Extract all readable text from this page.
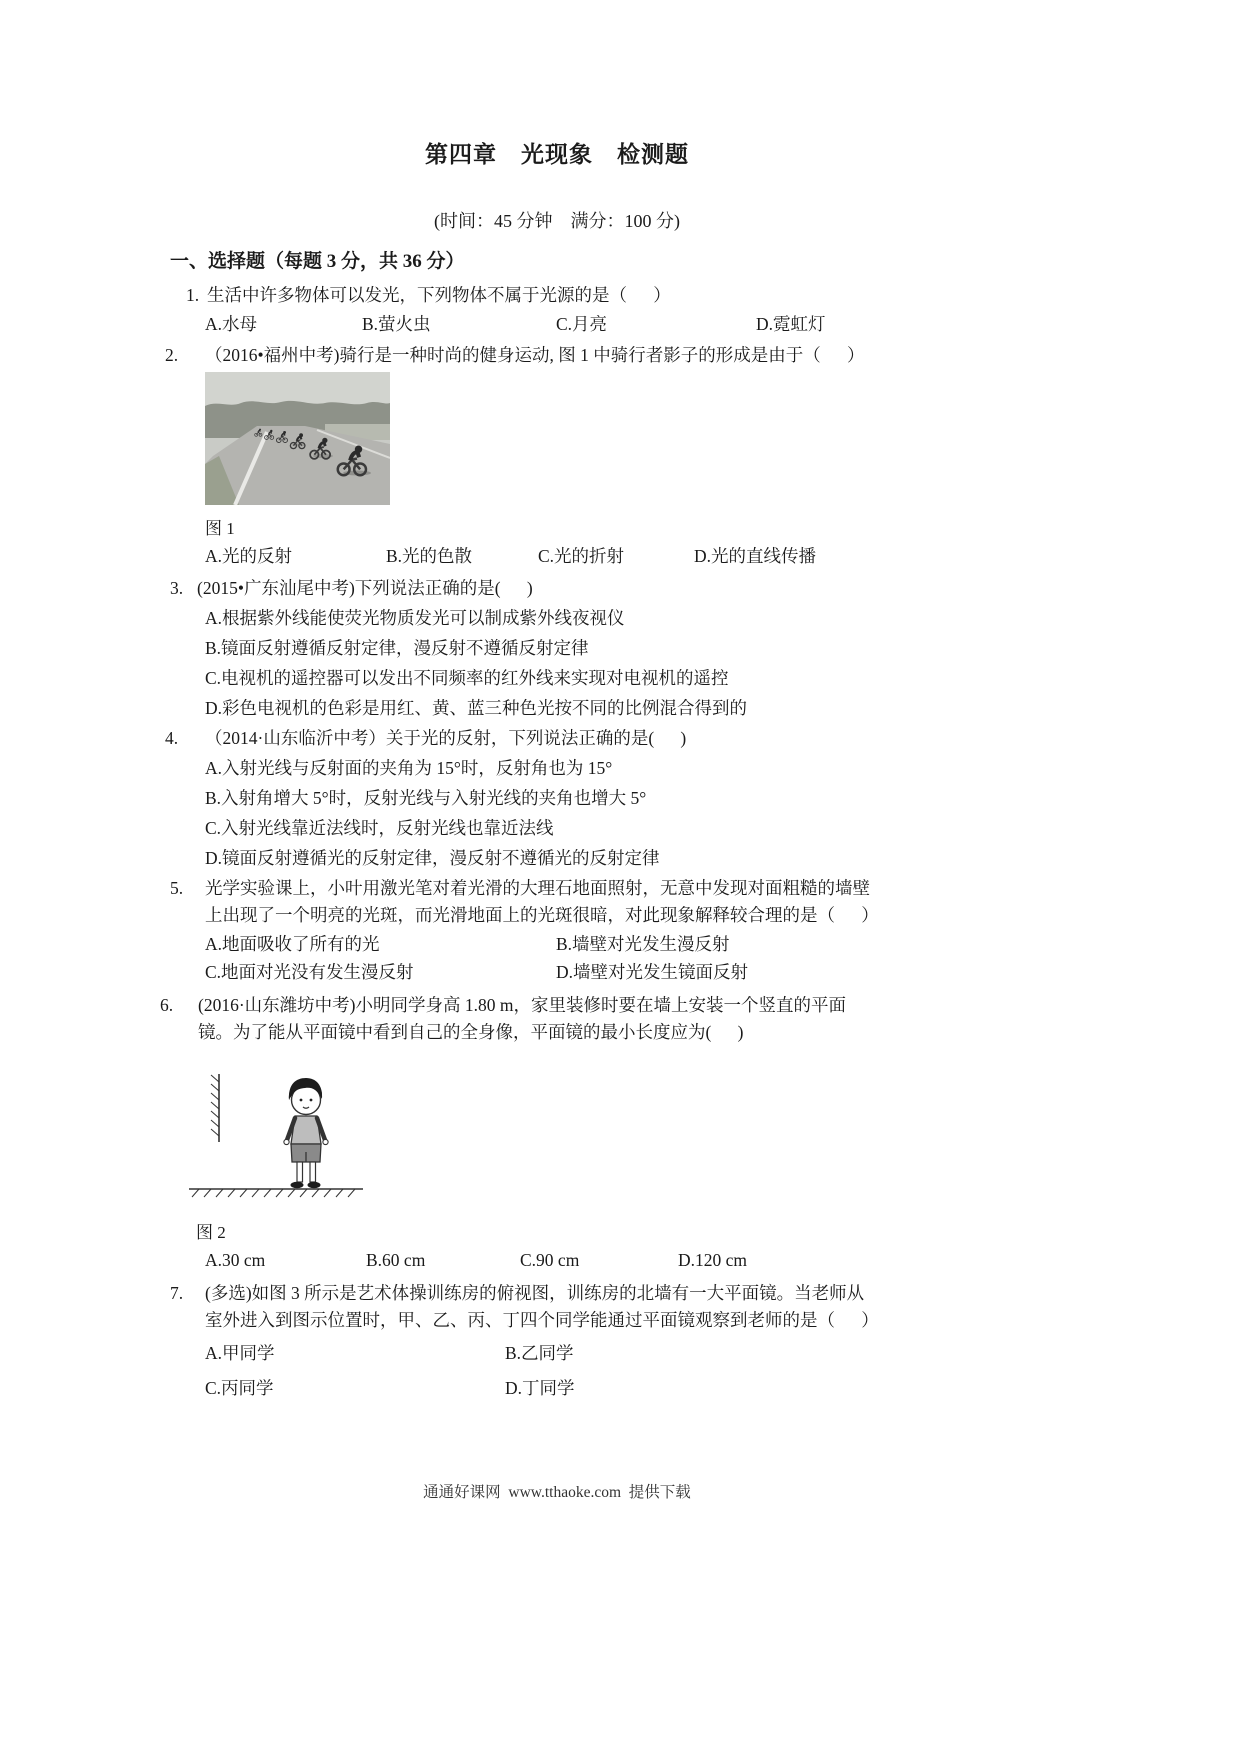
第四章　光现象　检测题
(时间：45 分钟　满分：100 分)
一、选择题（每题 3 分，共 36 分）
1. 生活中许多物体可以发光，下列物体不属于光源的是（      ）
A.水母	B.萤火虫	C.月亮	D.霓虹灯
2. （2016•福州中考)骑行是一种时尚的健身运动, 图 1 中骑行者影子的形成是由于（      ）
图 1
A.光的反射	B.光的色散	C.光的折射	D.光的直线传播
3. (2015•广东汕尾中考)下列说法正确的是(      )
A.根据紫外线能使荧光物质发光可以制成紫外线夜视仪
B.镜面反射遵循反射定律，漫反射不遵循反射定律
C.电视机的遥控器可以发出不同频率的红外线来实现对电视机的遥控
D.彩色电视机的色彩是用红、黄、蓝三种色光按不同的比例混合得到的
4. （2014·山东临沂中考）关于光的反射，下列说法正确的是(      )
A.入射光线与反射面的夹角为 15°时，反射角也为 15°
B.入射角增大 5°时，反射光线与入射光线的夹角也增大 5°
C.入射光线靠近法线时，反射光线也靠近法线
D.镜面反射遵循光的反射定律，漫反射不遵循光的反射定律
5. 光学实验课上，小叶用激光笔对着光滑的大理石地面照射，无意中发现对面粗糙的墙壁
上出现了一个明亮的光斑，而光滑地面上的光斑很暗，对此现象解释较合理的是（      ）
A.地面吸收了所有的光	B.墙壁对光发生漫反射
C.地面对光没有发生漫反射	D.墙壁对光发生镜面反射
6. (2016·山东潍坊中考)小明同学身高 1.80 m，家里装修时要在墙上安装一个竖直的平面
镜。为了能从平面镜中看到自己的全身像，平面镜的最小长度应为(      )
图 2
A.30 cm	B.60 cm	C.90 cm	D.120 cm
7. (多选)如图 3 所示是艺术体操训练房的俯视图，训练房的北墙有一大平面镜。当老师从
室外进入到图示位置时，甲、乙、丙、丁四个同学能通过平面镜观察到老师的是（      ）
A.甲同学	B.乙同学
C.丙同学	D.丁同学
通通好课网  www.tthaoke.com  提供下载
